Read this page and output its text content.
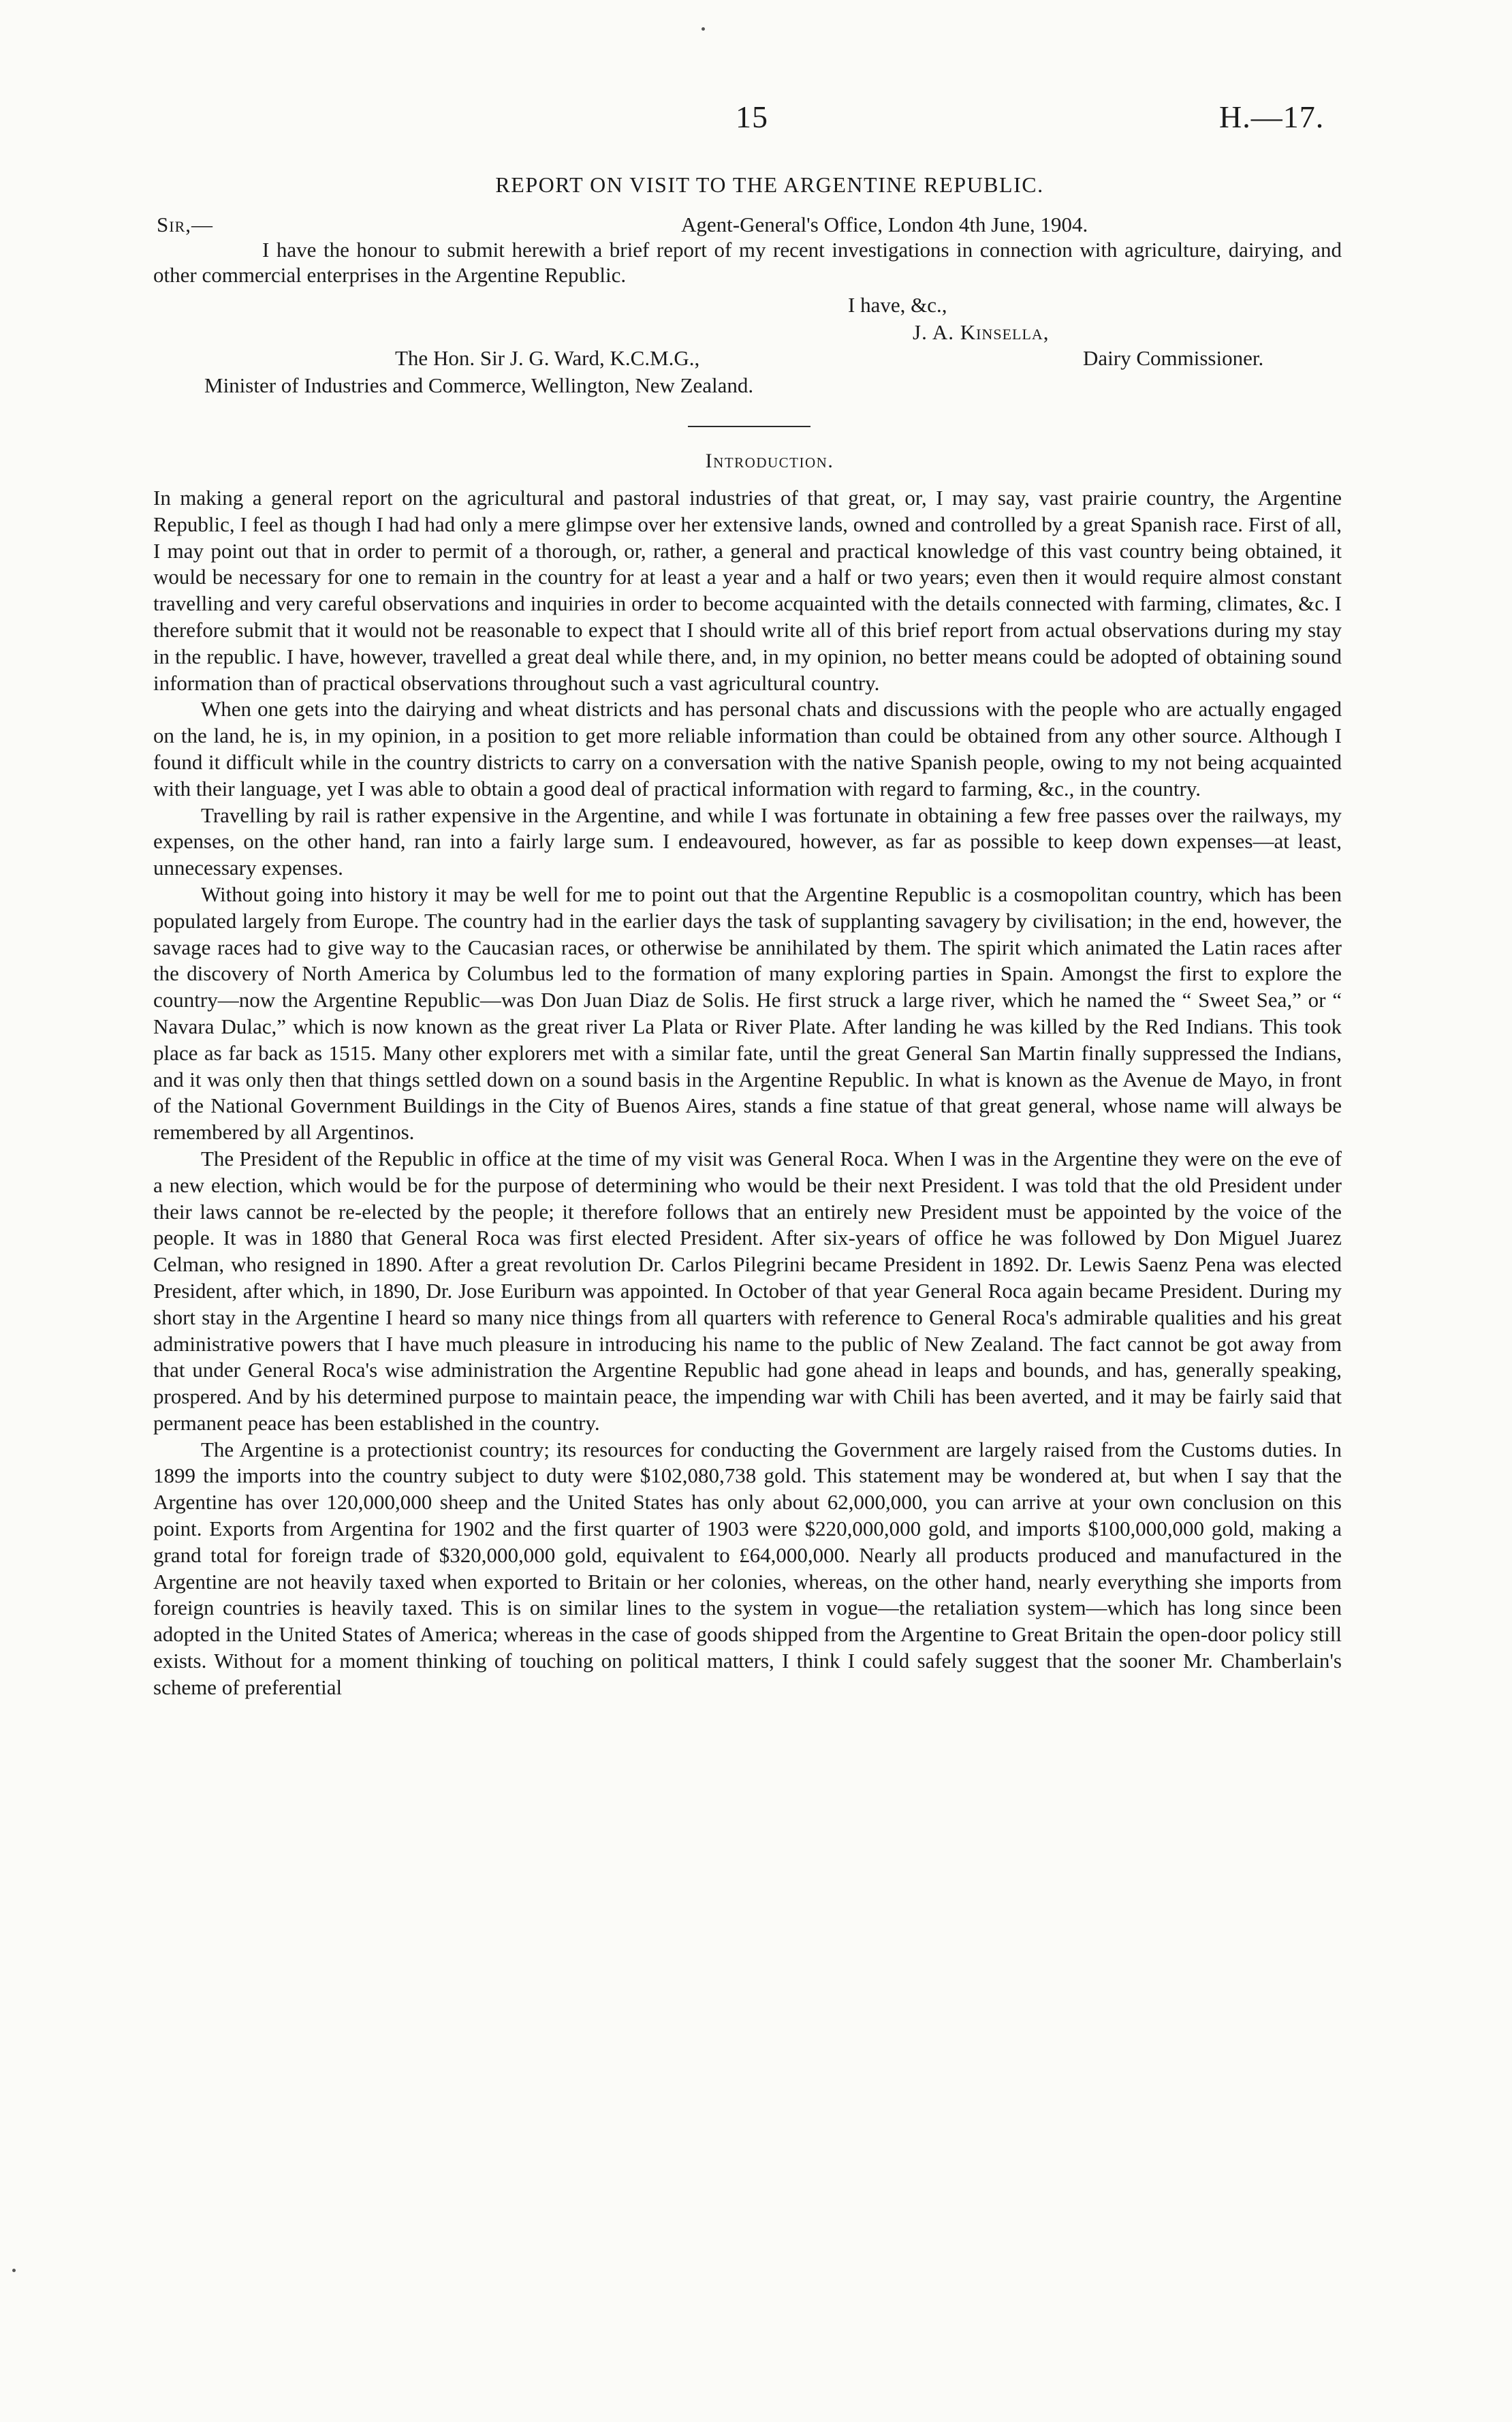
15	H.—17.
REPORT ON VISIT TO THE ARGENTINE REPUBLIC.
Sir,—	Agent-General's Office, London 4th June, 1904.
I have the honour to submit herewith a brief report of my recent investigations in connection with agriculture, dairying, and other commercial enterprises in the Argentine Republic.
I have, &c.,
J. A. Kinsella,
The Hon. Sir J. G. Ward, K.C.M.G.,	Dairy Commissioner.
Minister of Industries and Commerce, Wellington, New Zealand.
Introduction.

In making a general report on the agricultural and pastoral industries of that great, or, I may say, vast prairie country, the Argentine Republic, I feel as though I had had only a mere glimpse over her extensive lands, owned and controlled by a great Spanish race. First of all, I may point out that in order to permit of a thorough, or, rather, a general and practical knowledge of this vast country being obtained, it would be necessary for one to remain in the country for at least a year and a half or two years; even then it would require almost constant travelling and very careful observations and inquiries in order to become acquainted with the details connected with farming, climates, &c. I therefore submit that it would not be reasonable to expect that I should write all of this brief report from actual observations during my stay in the republic. I have, however, travelled a great deal while there, and, in my opinion, no better means could be adopted of obtaining sound information than of practical observations throughout such a vast agricultural country.

When one gets into the dairying and wheat districts and has personal chats and discussions with the people who are actually engaged on the land, he is, in my opinion, in a position to get more reliable information than could be obtained from any other source. Although I found it difficult while in the country districts to carry on a conversation with the native Spanish people, owing to my not being acquainted with their language, yet I was able to obtain a good deal of practical information with regard to farming, &c., in the country.

Travelling by rail is rather expensive in the Argentine, and while I was fortunate in obtaining a few free passes over the railways, my expenses, on the other hand, ran into a fairly large sum. I endeavoured, however, as far as possible to keep down expenses—at least, unnecessary expenses.

Without going into history it may be well for me to point out that the Argentine Republic is a cosmopolitan country, which has been populated largely from Europe. The country had in the earlier days the task of supplanting savagery by civilisation; in the end, however, the savage races had to give way to the Caucasian races, or otherwise be annihilated by them. The spirit which animated the Latin races after the discovery of North America by Columbus led to the formation of many exploring parties in Spain. Amongst the first to explore the country—now the Argentine Republic—was Don Juan Diaz de Solis. He first struck a large river, which he named the “ Sweet Sea,” or “ Navara Dulac,” which is now known as the great river La Plata or River Plate. After landing he was killed by the Red Indians. This took place as far back as 1515. Many other explorers met with a similar fate, until the great General San Martin finally suppressed the Indians, and it was only then that things settled down on a sound basis in the Argentine Republic. In what is known as the Avenue de Mayo, in front of the National Government Buildings in the City of Buenos Aires, stands a fine statue of that great general, whose name will always be remembered by all Argentinos.

The President of the Republic in office at the time of my visit was General Roca. When I was in the Argentine they were on the eve of a new election, which would be for the purpose of determining who would be their next President. I was told that the old President under their laws cannot be re-elected by the people; it therefore follows that an entirely new President must be appointed by the voice of the people. It was in 1880 that General Roca was first elected President. After six-years of office he was followed by Don Miguel Juarez Celman, who resigned in 1890. After a great revolution Dr. Carlos Pilegrini became President in 1892. Dr. Lewis Saenz Pena was elected President, after which, in 1890, Dr. Jose Euriburn was appointed. In October of that year General Roca again became President. During my short stay in the Argentine I heard so many nice things from all quarters with reference to General Roca's admirable qualities and his great administrative powers that I have much pleasure in introducing his name to the public of New Zealand. The fact cannot be got away from that under General Roca's wise administration the Argentine Republic had gone ahead in leaps and bounds, and has, generally speaking, prospered. And by his determined purpose to maintain peace, the impending war with Chili has been averted, and it may be fairly said that permanent peace has been established in the country.

The Argentine is a protectionist country; its resources for conducting the Government are largely raised from the Customs duties. In 1899 the imports into the country subject to duty were $102,080,738 gold. This statement may be wondered at, but when I say that the Argentine has over 120,000,000 sheep and the United States has only about 62,000,000, you can arrive at your own conclusion on this point. Exports from Argentina for 1902 and the first quarter of 1903 were $220,000,000 gold, and imports $100,000,000 gold, making a grand total for foreign trade of $320,000,000 gold, equivalent to £64,000,000. Nearly all products produced and manufactured in the Argentine are not heavily taxed when exported to Britain or her colonies, whereas, on the other hand, nearly everything she imports from foreign countries is heavily taxed. This is on similar lines to the system in vogue—the retaliation system—which has long since been adopted in the United States of America; whereas in the case of goods shipped from the Argentine to Great Britain the open-door policy still exists. Without for a moment thinking of touching on political matters, I think I could safely suggest that the sooner Mr. Chamberlain's scheme of preferential
